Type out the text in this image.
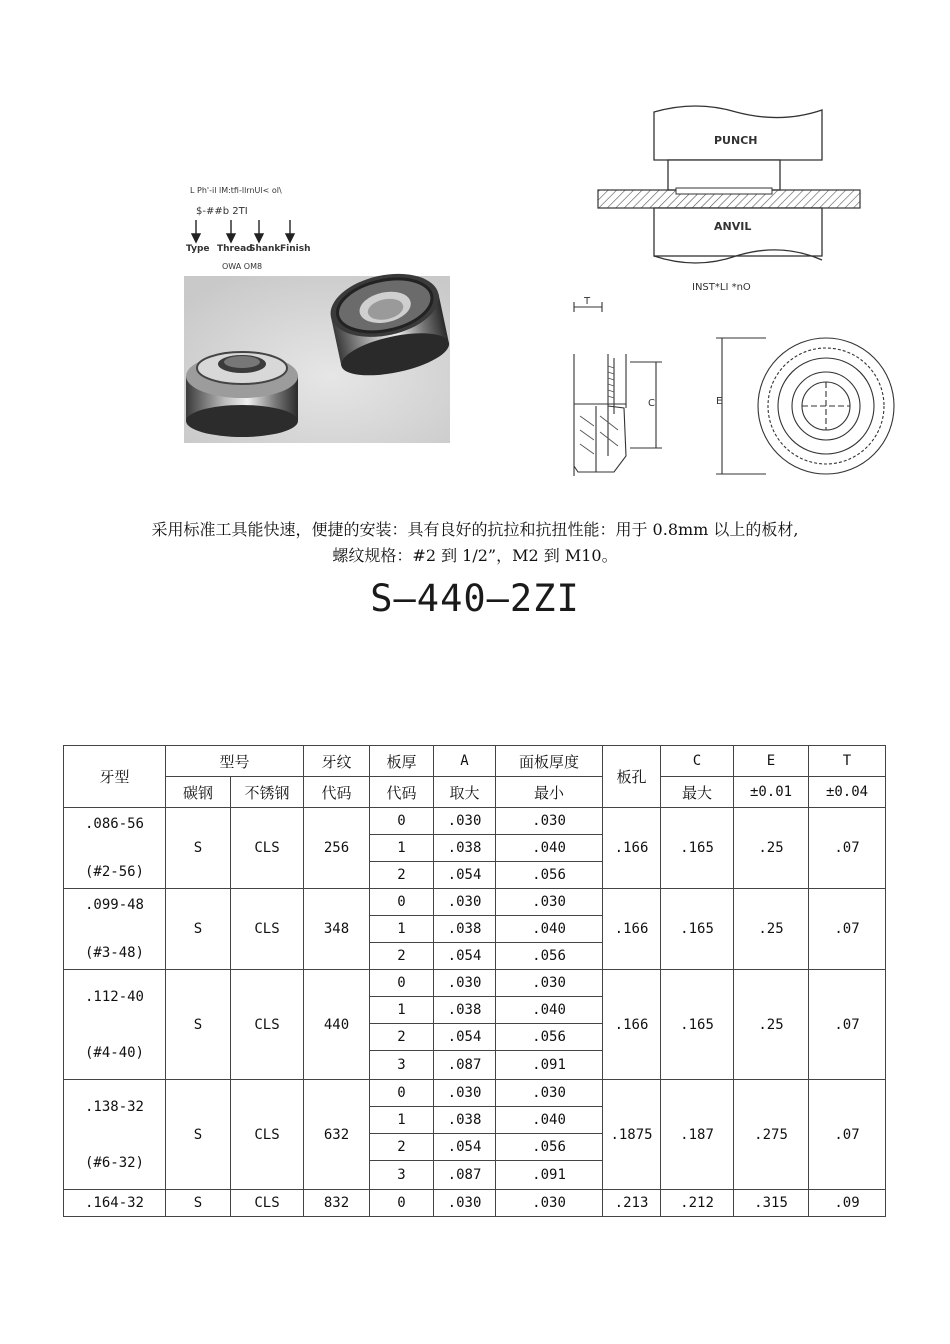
L Ph'-il lM:tfi-llrnUl< ol\
$-##b 2TI
Type Thread
Shank Finish
OWA OM8
PUNCH
ANVIL
INST*LI *nO
T
C	E
采用标准工具能快速，便捷的安装：具有良好的抗拉和抗扭性能：用于 0.8mm 以上的板材,
螺纹规格：#2 到 1/2”，M2 到 M10。
S—440—2ZI
牙型	型号		牙纹	板厚	A	面板厚度	板孔	C	E	T
	碳钢	不锈钢	代码	代码	取大	最小		最大	±0.01	±0.04

.086-56
(#2-56)	S	CLS	256	0	.030	.030	.166	.165	.25	.07
				1	.038	.040				
				2	.054	.056				

.099-48
(#3-48)	S	CLS	348	0	.030	.030	.166	.165	.25	.07
				1	.038	.040				
				2	.054	.056				

.112-40
(#4-40)	S	CLS	440	0	.030	.030	.166	.165	.25	.07
				1	.038	.040				
				2	.054	.056				
				3	.087	.091				

.138-32
(#6-32)	S	CLS	632	0	.030	.030	.1875	.187	.275	.07
				1	.038	.040				
				2	.054	.056				
				3	.087	.091				
.164-32	S	CLS	832	0	.030	.030	.213	.212	.315	.09
